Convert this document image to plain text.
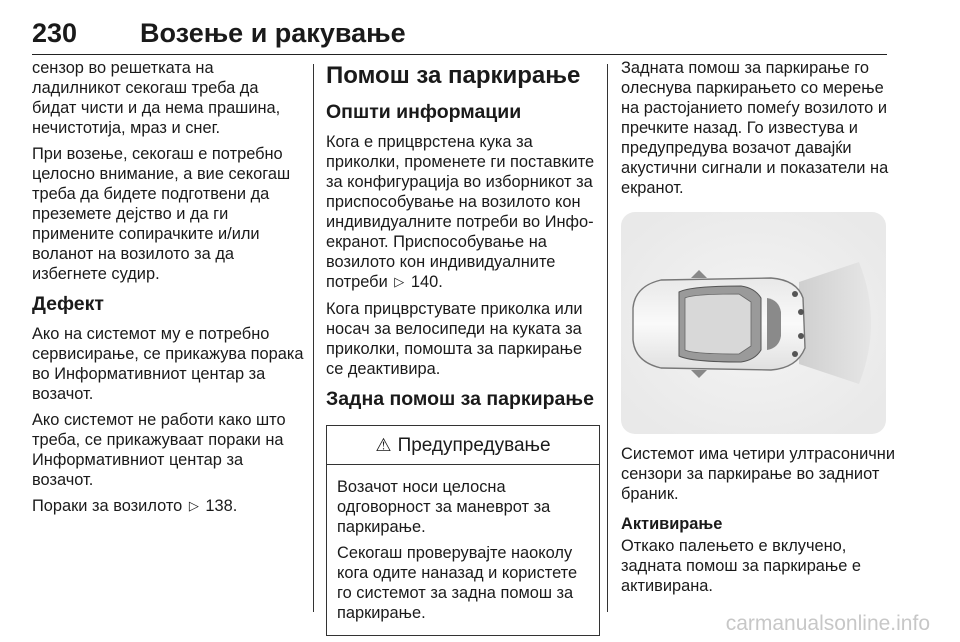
230 Возење и ракување

сензор во решетката на ладилникот секогаш треба да бидат чисти и да нема прашина, нечистотија, мраз и снег.

При возење, секогаш е потребно целосно внимание, а вие секогаш треба да бидете подготвени да преземете дејство и да ги примените сопирачките и/или воланот на возилото за да избегнете судир.

Дефект

Ако на системот му е потребно сервисирање, се прикажува порака во Информативниот центар за возачот.

Ако системот не работи како што треба, се прикажуваат пораки на Информативниот центар за возачот.

Пораки за возилото ▷ 138.

Помош за паркирање
Општи информации

Кога е прицврстена кука за приколки, променете ги поставките за конфигурација во изборникот за приспособување на возилото кон индивидуалните потреби во Инфо-екранот. Приспособување на возилото кон индивидуалните потреби ▷ 140.

Кога прицврстувате приколка или носач за велосипеди на куката за приколки, помошта за паркирање се деактивира.

Задна помош за паркирање
⚠ Предупредување

Возачот носи целосна одговорност за маневрот за паркирање.

Секогаш проверувајте наоколу кога одите наназад и користете го системот за задна помош за паркирање.

Задната помош за паркирање го олеснува паркирањето со мерење на растојанието помеѓу возилото и пречките назад. Го известува и предупредува возачот давајќи акустични сигнали и показатели на екранот.

Системот има четири ултрасонични сензори за паркирање во задниот браник.

Активирање

Откако палењето е вклучено, задната помош за паркирање е активирана.

carmanualsonline.info
